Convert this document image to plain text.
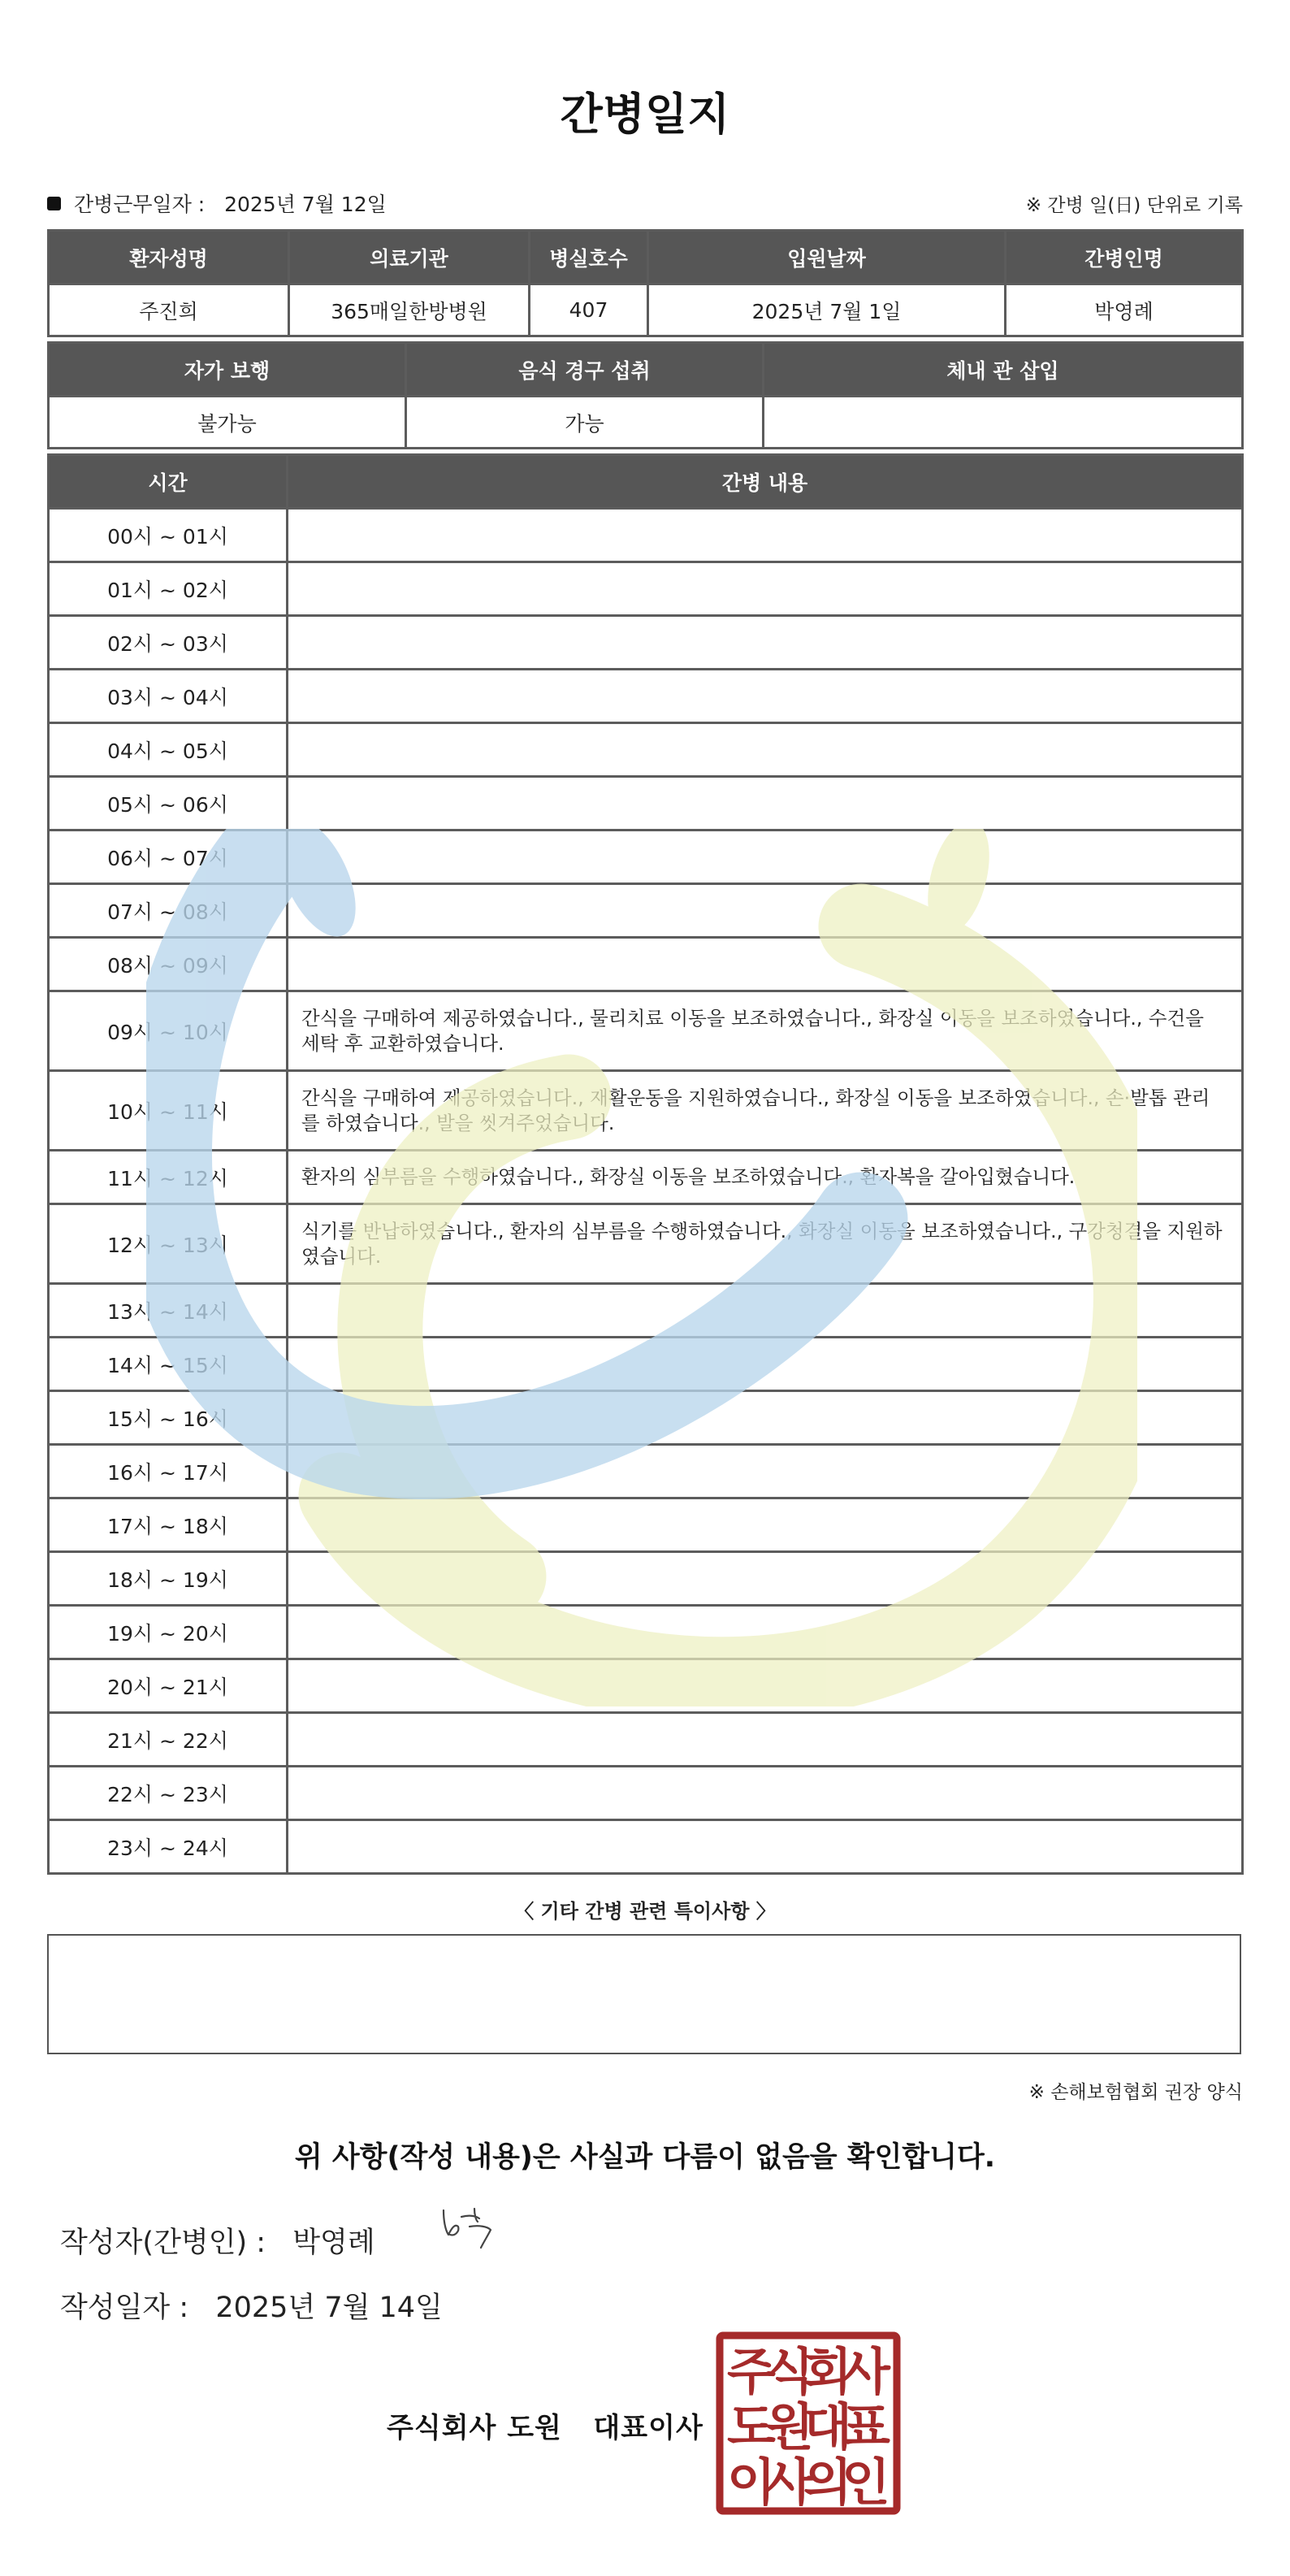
간병일지
간병근무일자 : 2025년 7월 12일	※ 간병 일(日) 단위로 기록
환자성명	의료기관	병실호수	입원날짜	간병인명
주진희	365매일한방병원	407	2025년 7월 1일	박영례
자가 보행	음식 경구 섭취	체내 관 삽입
불가능	가능	
시간	간병 내용
00시 ~ 01시	
01시 ~ 02시	
02시 ~ 03시	
03시 ~ 04시	
04시 ~ 05시	
05시 ~ 06시	
06시 ~ 07시	
07시 ~ 08시	
08시 ~ 09시	
09시 ~ 10시	간식을 구매하여 제공하였습니다., 물리치료 이동을 보조하였습니다., 화장실 이동을 보조하였습니다., 수건을 세탁 후 교환하였습니다.
10시 ~ 11시	간식을 구매하여 제공하였습니다., 재활운동을 지원하였습니다., 화장실 이동을 보조하였습니다., 손·발톱 관리를 하였습니다., 발을 씻겨주었습니다.
11시 ~ 12시	환자의 심부름을 수행하였습니다., 화장실 이동을 보조하였습니다., 환자복을 갈아입혔습니다.
12시 ~ 13시	식기를 반납하였습니다., 환자의 심부름을 수행하였습니다., 화장실 이동을 보조하였습니다., 구강청결을 지원하였습니다.
13시 ~ 14시	
14시 ~ 15시	
15시 ~ 16시	
16시 ~ 17시	
17시 ~ 18시	
18시 ~ 19시	
19시 ~ 20시	
20시 ~ 21시	
21시 ~ 22시	
22시 ~ 23시	
23시 ~ 24시	
〈 기타 간병 관련 특이사항 〉
※ 손해보험협회 권장 양식
위 사항(작성 내용)은 사실과 다름이 없음을 확인합니다.
작성자(간병인) : 박영례
작성일자 : 2025년 7월 14일
주식회사 도원   대표이사
주
식
회
사
도
원
대
표
이
사
의
인
